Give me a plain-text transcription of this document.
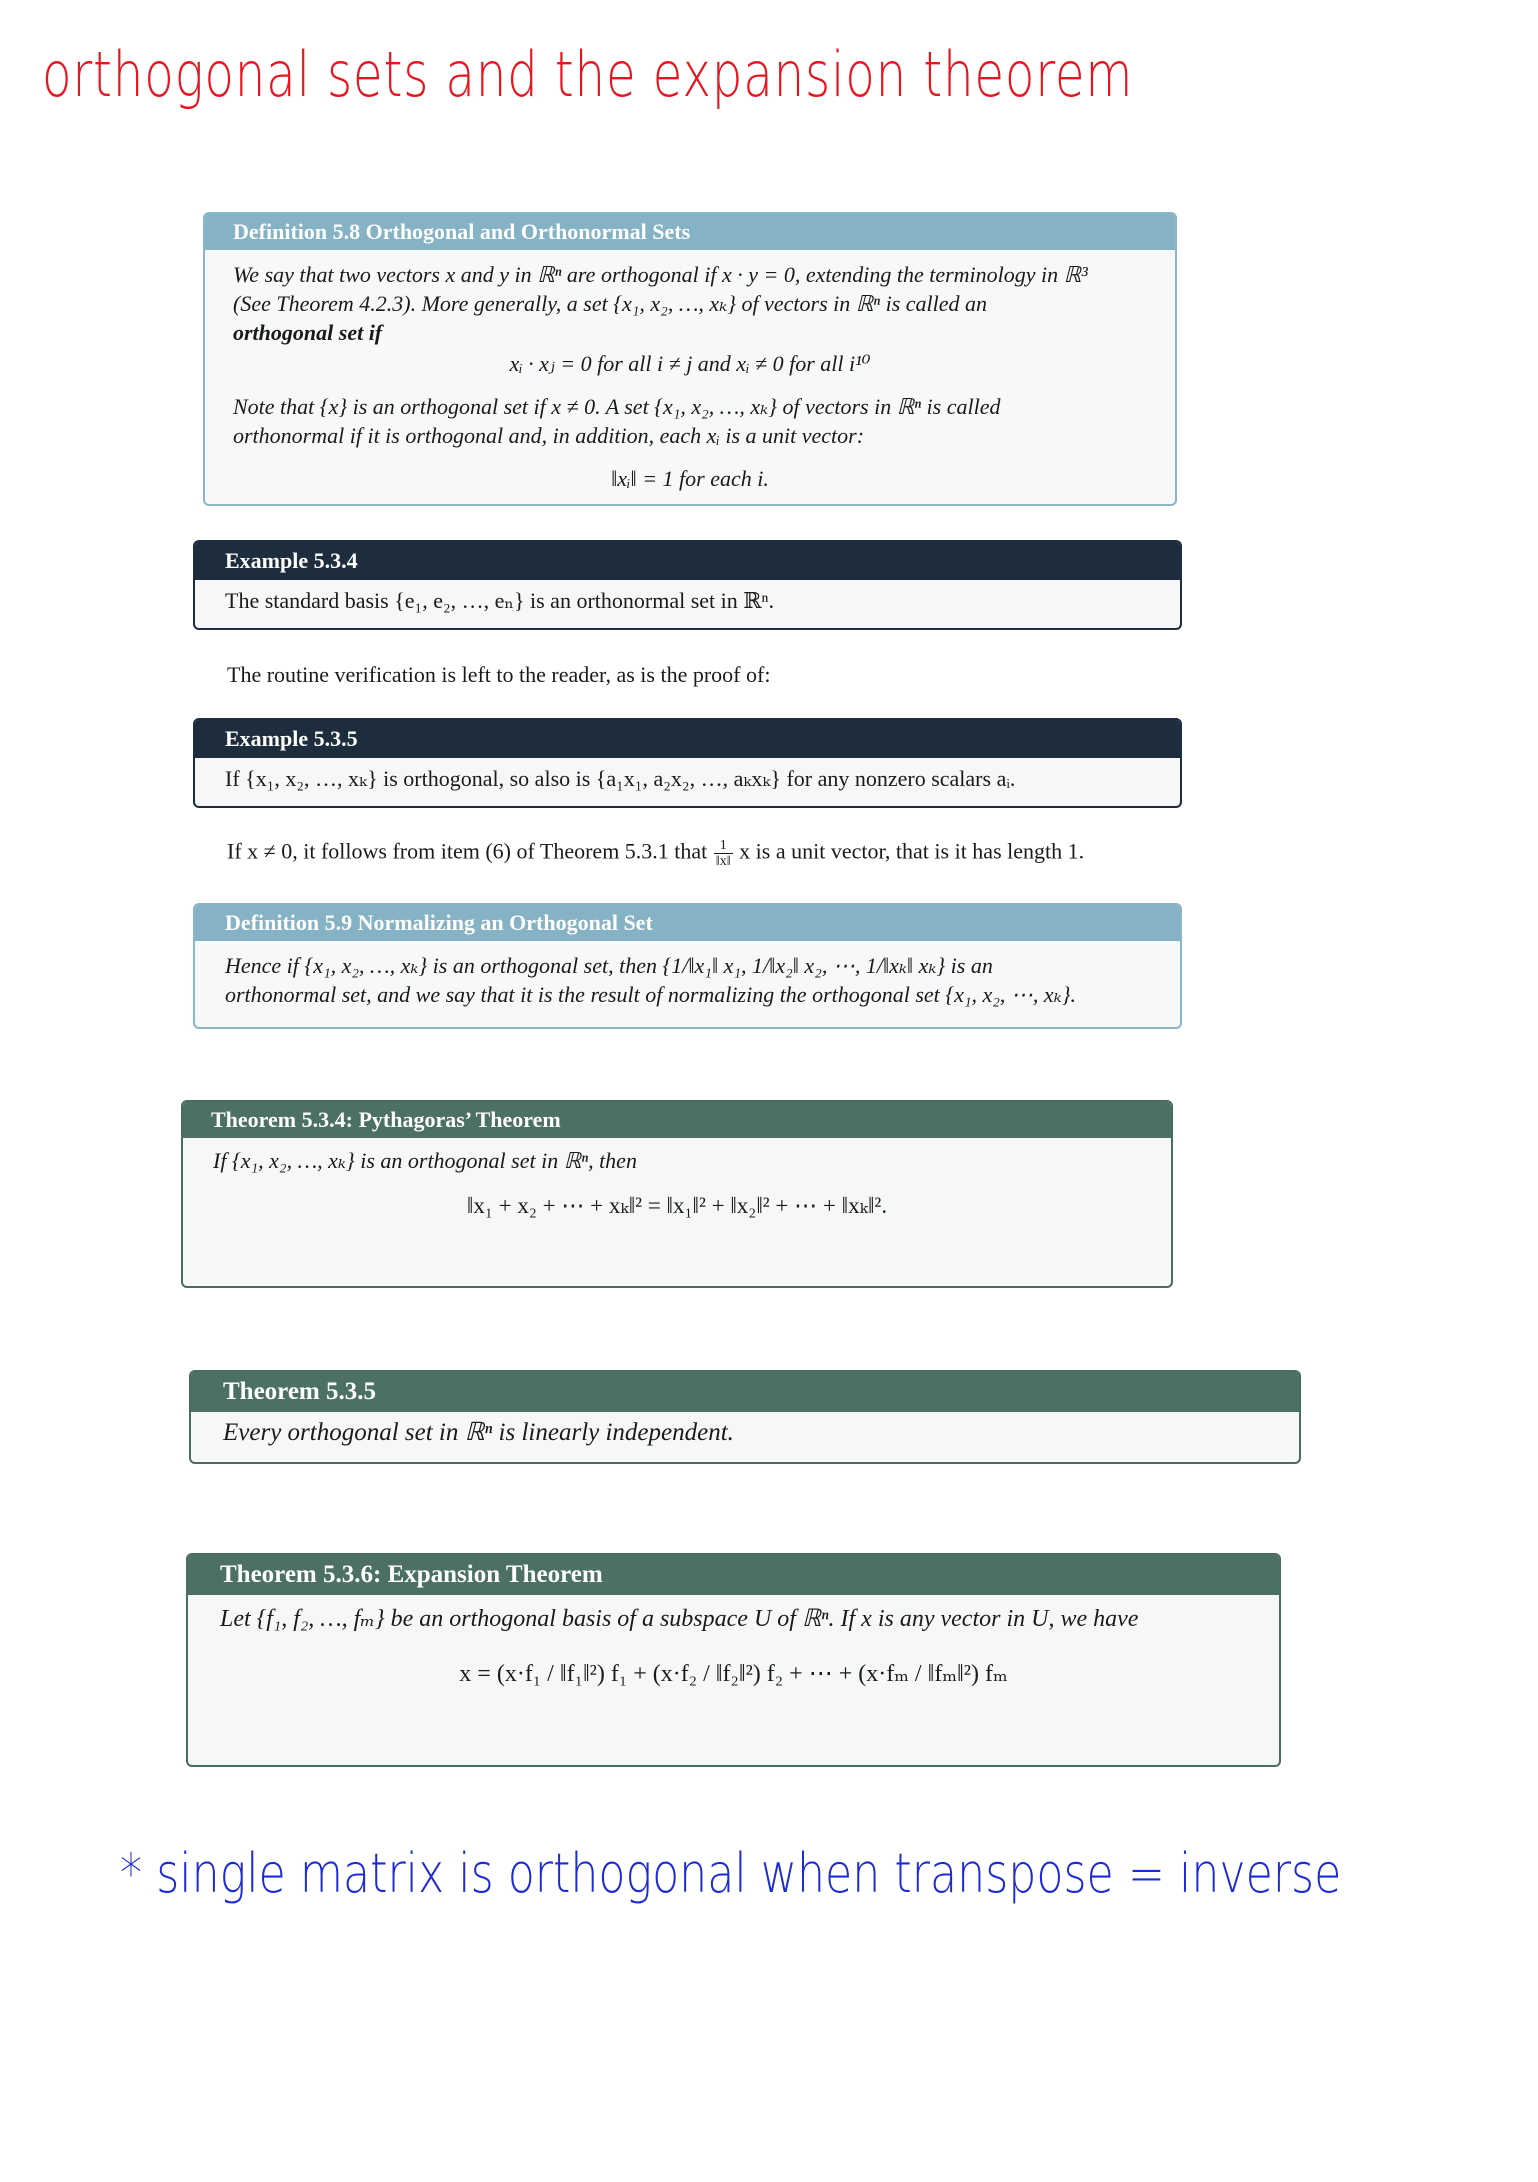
orthogonal sets and the expansion theorem
Definition 5.8 Orthogonal and Orthonormal Sets
We say that two vectors x and y in ℝⁿ are orthogonal if x · y = 0, extending the terminology in ℝ³
(See Theorem 4.2.3). More generally, a set {x₁, x₂, …, xₖ} of vectors in ℝⁿ is called an
orthogonal set if
xᵢ · xⱼ = 0 for all i ≠ j and xᵢ ≠ 0 for all i¹⁰
Note that {x} is an orthogonal set if x ≠ 0. A set {x₁, x₂, …, xₖ} of vectors in ℝⁿ is called
orthonormal if it is orthogonal and, in addition, each xᵢ is a unit vector:
‖xᵢ‖ = 1 for each i.
Example 5.3.4
The standard basis {e₁, e₂, …, eₙ} is an orthonormal set in ℝⁿ.
The routine verification is left to the reader, as is the proof of:
Example 5.3.5
If {x₁, x₂, …, xₖ} is orthogonal, so also is {a₁x₁, a₂x₂, …, aₖxₖ} for any nonzero scalars aᵢ.
If x ≠ 0, it follows from item (6) of Theorem 5.3.1 that $\frac{1}{‖x‖}$ x is a unit vector, that is it has length 1.
Definition 5.9 Normalizing an Orthogonal Set
Hence if {x₁, x₂, …, xₖ} is an orthogonal set, then {1/‖x₁‖ x₁, 1/‖x₂‖ x₂, ⋯, 1/‖xₖ‖ xₖ} is an
orthonormal set, and we say that it is the result of normalizing the orthogonal set {x₁, x₂, ⋯, xₖ}.
Theorem 5.3.4: Pythagoras’ Theorem
If {x₁, x₂, …, xₖ} is an orthogonal set in ℝⁿ, then
‖x₁ + x₂ + ⋯ + xₖ‖² = ‖x₁‖² + ‖x₂‖² + ⋯ + ‖xₖ‖².
Theorem 5.3.5
Every orthogonal set in ℝⁿ is linearly independent.
Theorem 5.3.6: Expansion Theorem
Let {f₁, f₂, …, fₘ} be an orthogonal basis of a subspace U of ℝⁿ. If x is any vector in U, we have
x = (x·f₁ / ‖f₁‖²) f₁ + (x·f₂ / ‖f₂‖²) f₂ + ⋯ + (x·fₘ / ‖fₘ‖²) fₘ
* single matrix is orthogonal when transpose = inverse
